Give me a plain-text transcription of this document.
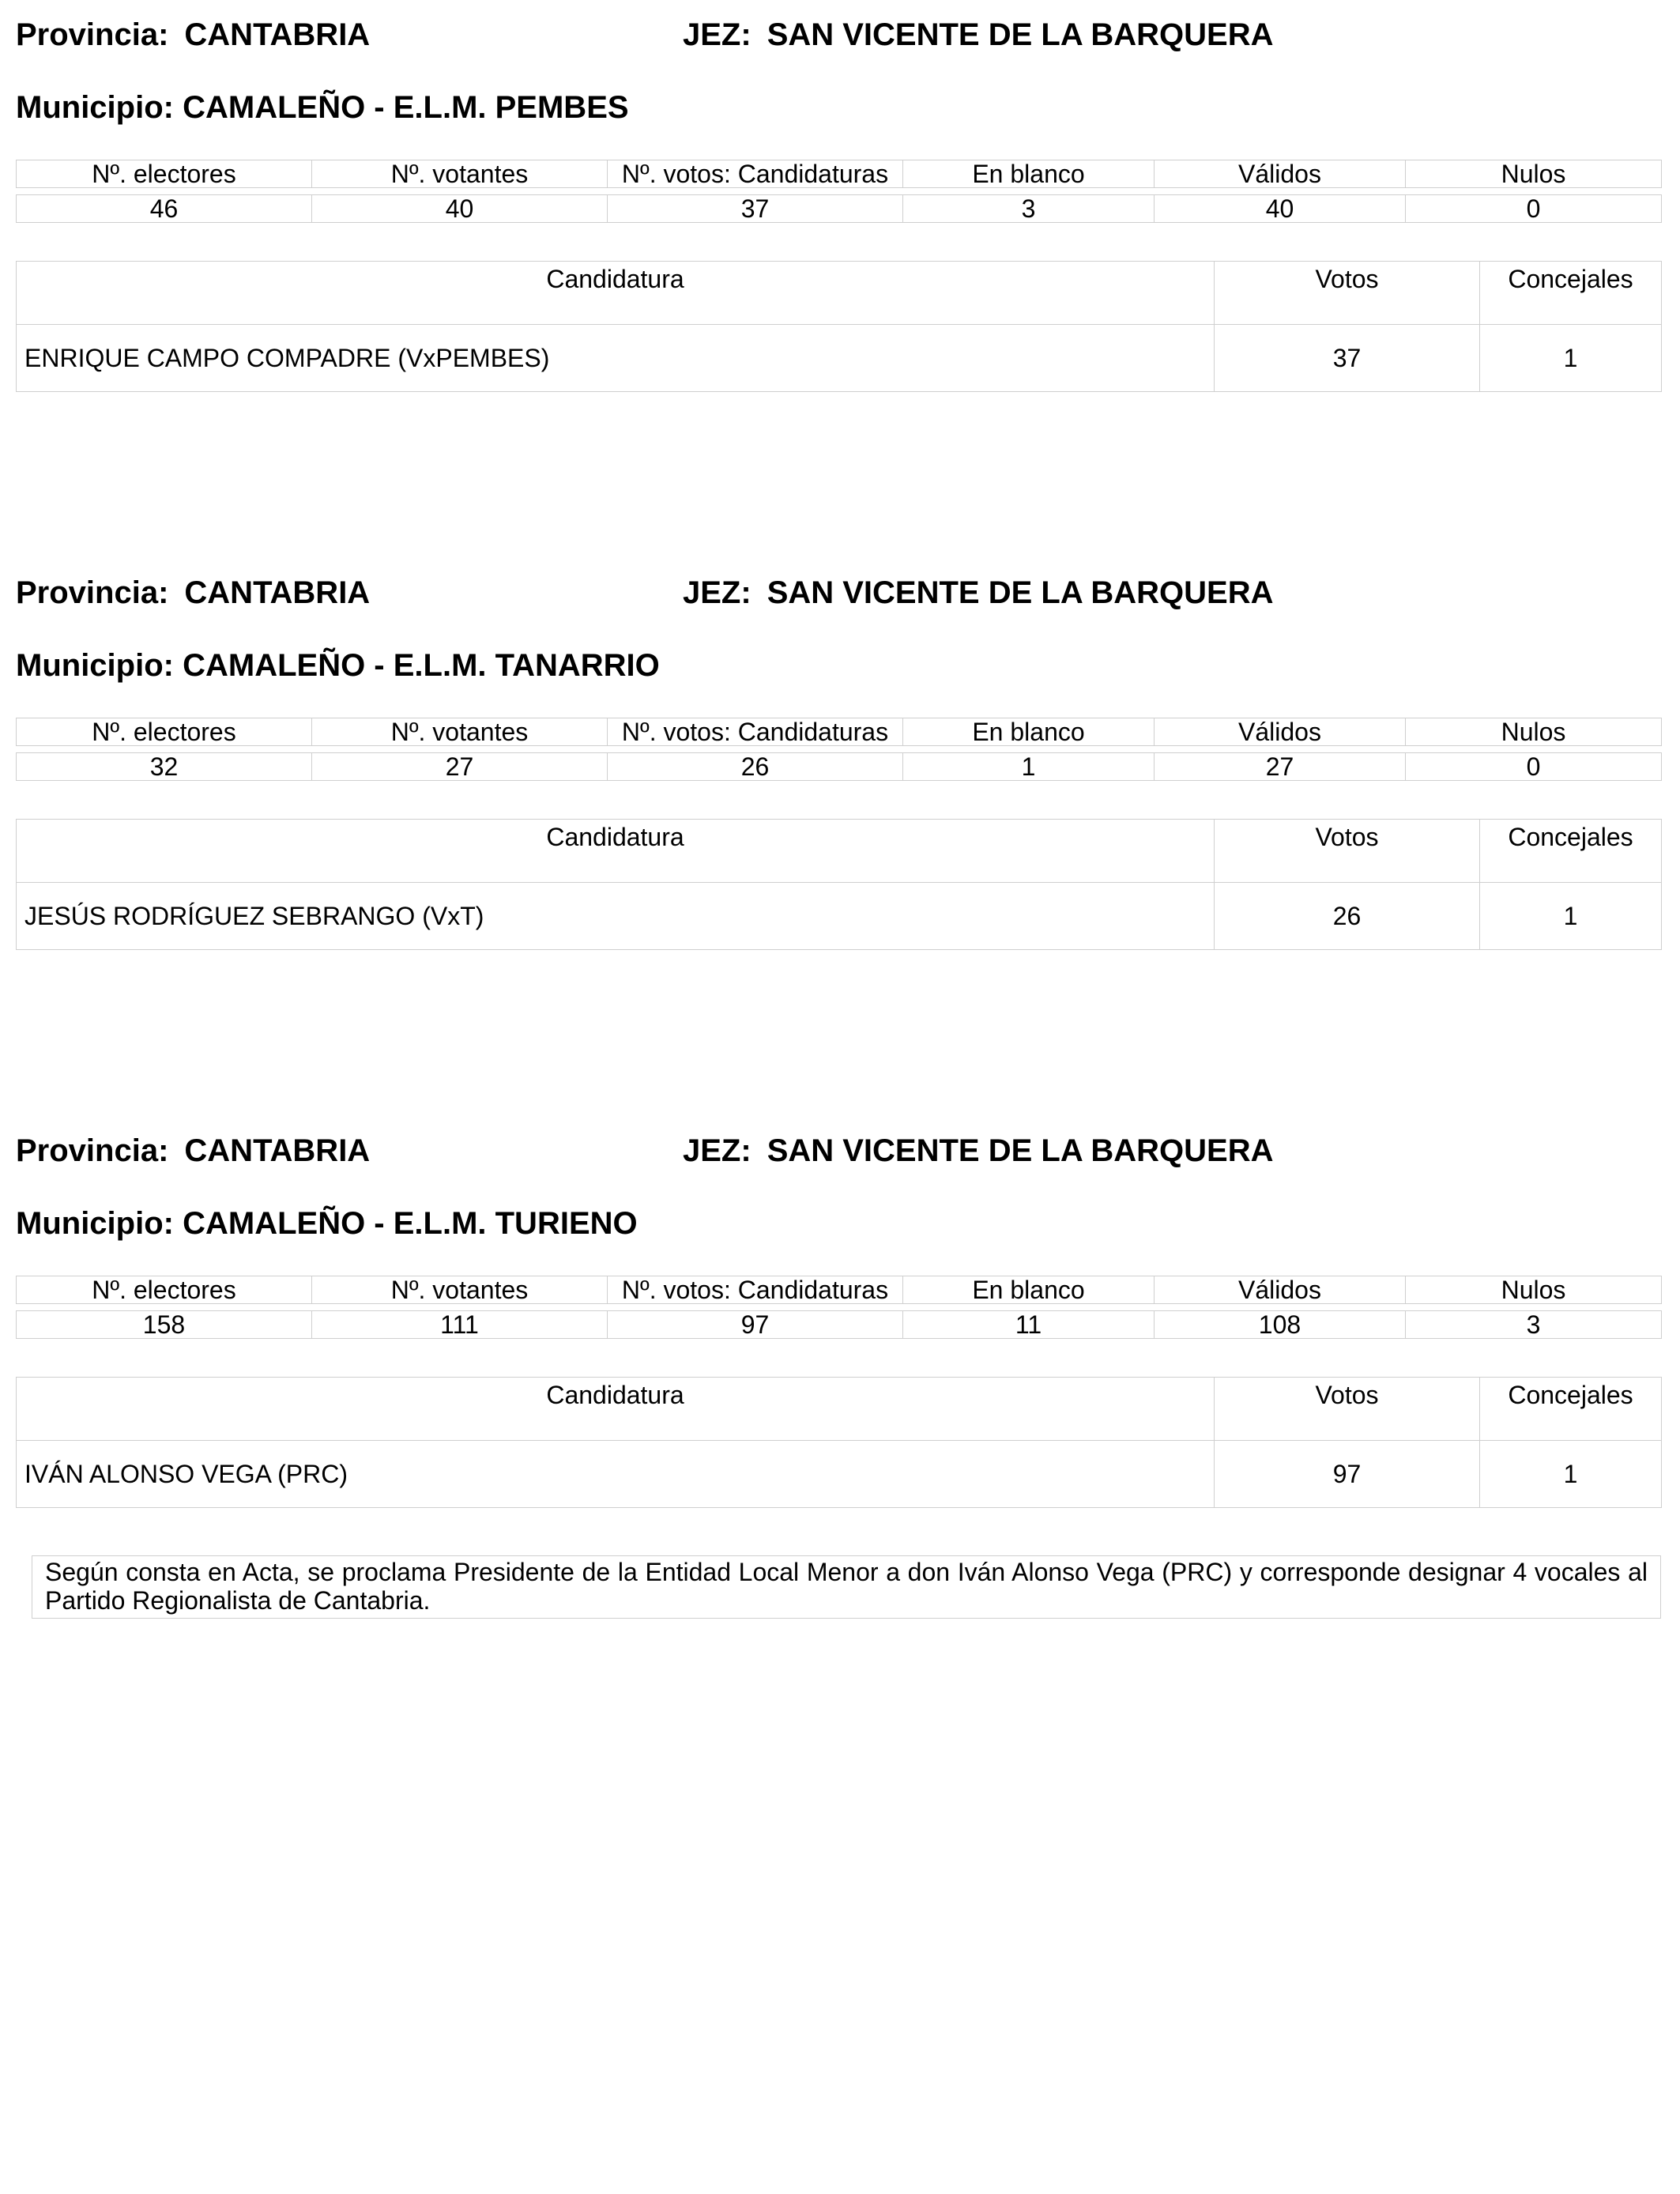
Provincia: CANTABRIA	JEZ: SAN VICENTE DE LA BARQUERA
Municipio: CAMALEÑO - E.L.M. PEMBES
Nº. electores	Nº. votantes	Nº. votos: Candidaturas	En blanco	Válidos	Nulos

46	40	37	3	40	0
Candidatura	Votos	Concejales
ENRIQUE CAMPO COMPADRE (VxPEMBES)	37	1
Provincia: CANTABRIA	JEZ: SAN VICENTE DE LA BARQUERA
Municipio: CAMALEÑO - E.L.M. TANARRIO
Nº. electores	Nº. votantes	Nº. votos: Candidaturas	En blanco	Válidos	Nulos

32	27	26	1	27	0
Candidatura	Votos	Concejales
JESÚS RODRÍGUEZ SEBRANGO (VxT)	26	1
Provincia: CANTABRIA	JEZ: SAN VICENTE DE LA BARQUERA
Municipio: CAMALEÑO - E.L.M. TURIENO
Nº. electores	Nº. votantes	Nº. votos: Candidaturas	En blanco	Válidos	Nulos

158	111	97	11	108	3
Candidatura	Votos	Concejales
IVÁN ALONSO VEGA (PRC)	97	1
Según consta en Acta, se proclama Presidente de la Entidad Local Menor a don Iván Alonso Vega (PRC) y corresponde designar 4 vocales al Partido Regionalista de Cantabria.
